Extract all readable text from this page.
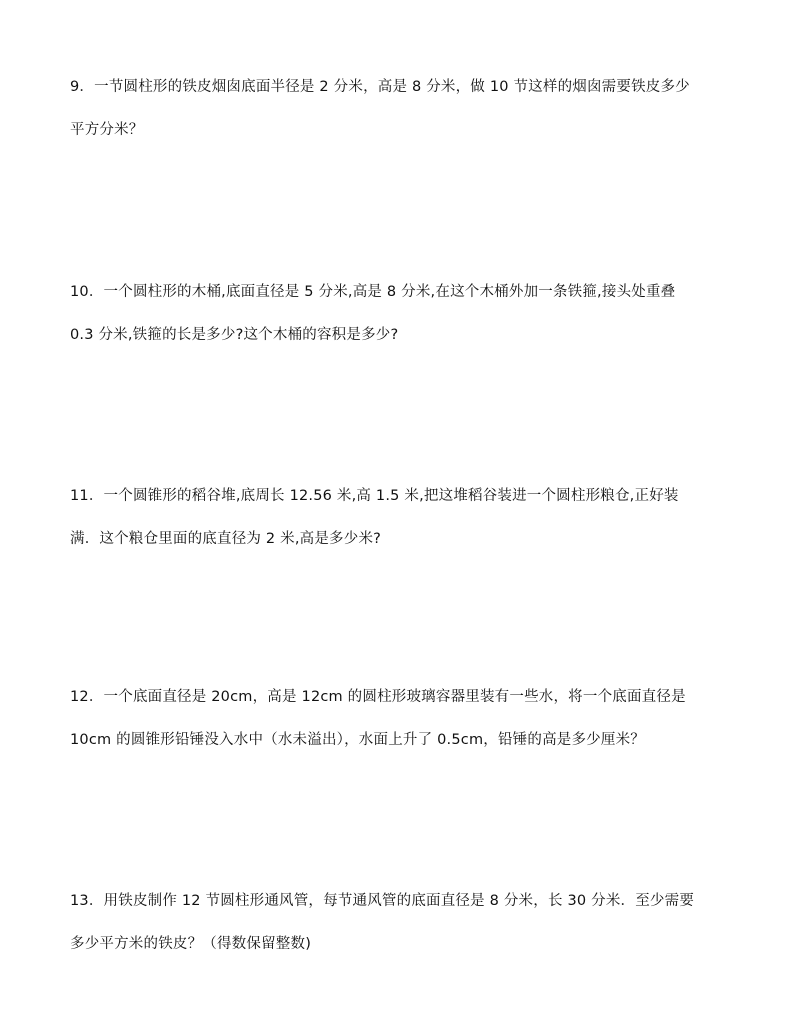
9．一节圆柱形的铁皮烟囱底面半径是 2 分米，高是 8 分米，做 10 节这样的烟囱需要铁皮多少
平方分米？
10．一个圆柱形的木桶,底面直径是 5 分米,高是 8 分米,在这个木桶外加一条铁箍,接头处重叠
0.3 分米,铁箍的长是多少?这个木桶的容积是多少?
11．一个圆锥形的稻谷堆,底周长 12.56 米,高 1.5 米,把这堆稻谷装进一个圆柱形粮仓,正好装
满．这个粮仓里面的底直径为 2 米,高是多少米?
12．一个底面直径是 20cm，高是 12cm 的圆柱形玻璃容器里装有一些水，将一个底面直径是
10cm 的圆锥形铅锤没入水中（水未溢出），水面上升了 0.5cm，铅锤的高是多少厘米？
13．用铁皮制作 12 节圆柱形通风管，每节通风管的底面直径是 8 分米，长 30 分米．至少需要
多少平方米的铁皮？（得数保留整数)
